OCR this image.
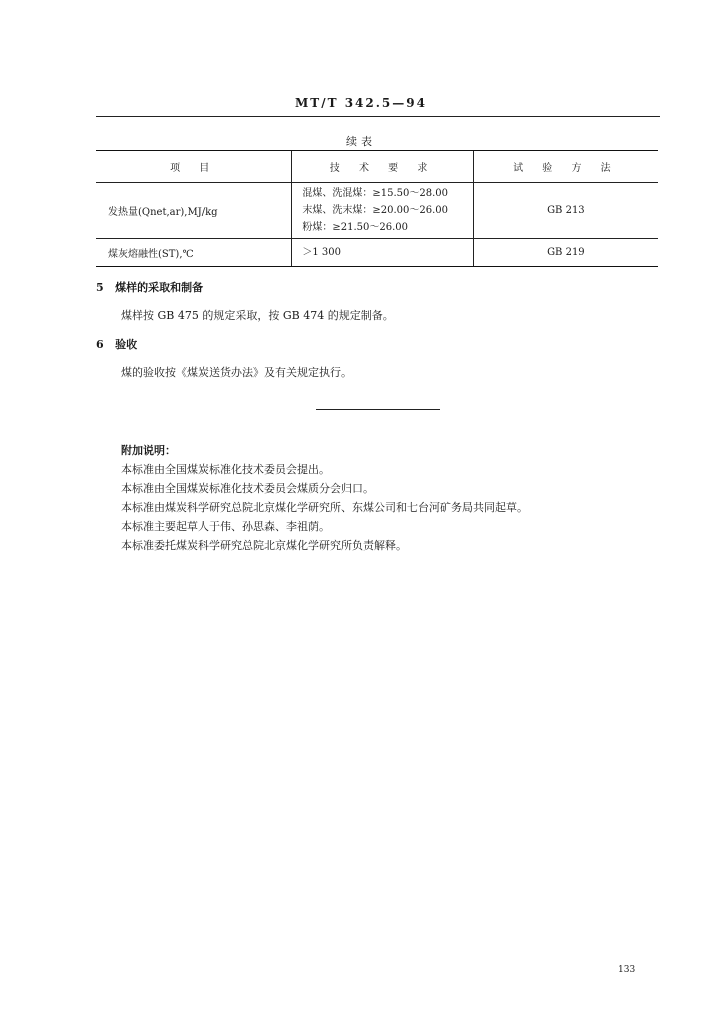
MT/T 342.5—94
续表
项 目	技 术 要 求	试 验 方 法
发热量(Qnet,ar),MJ/kg	混煤、洗混煤：≥15.50～28.00
末煤、洗末煤：≥20.00～26.00
粉煤：≥21.50～26.00	GB 213
煤灰熔融性(ST),℃	＞1 300	GB 219
5 煤样的采取和制备
煤样按 GB 475 的规定采取，按 GB 474 的规定制备。
6 验收
煤的验收按《煤炭送货办法》及有关规定执行。
附加说明：
本标准由全国煤炭标准化技术委员会提出。
本标准由全国煤炭标准化技术委员会煤质分会归口。
本标准由煤炭科学研究总院北京煤化学研究所、东煤公司和七台河矿务局共同起草。
本标准主要起草人于伟、孙思森、李祖荫。
本标准委托煤炭科学研究总院北京煤化学研究所负责解释。
133
